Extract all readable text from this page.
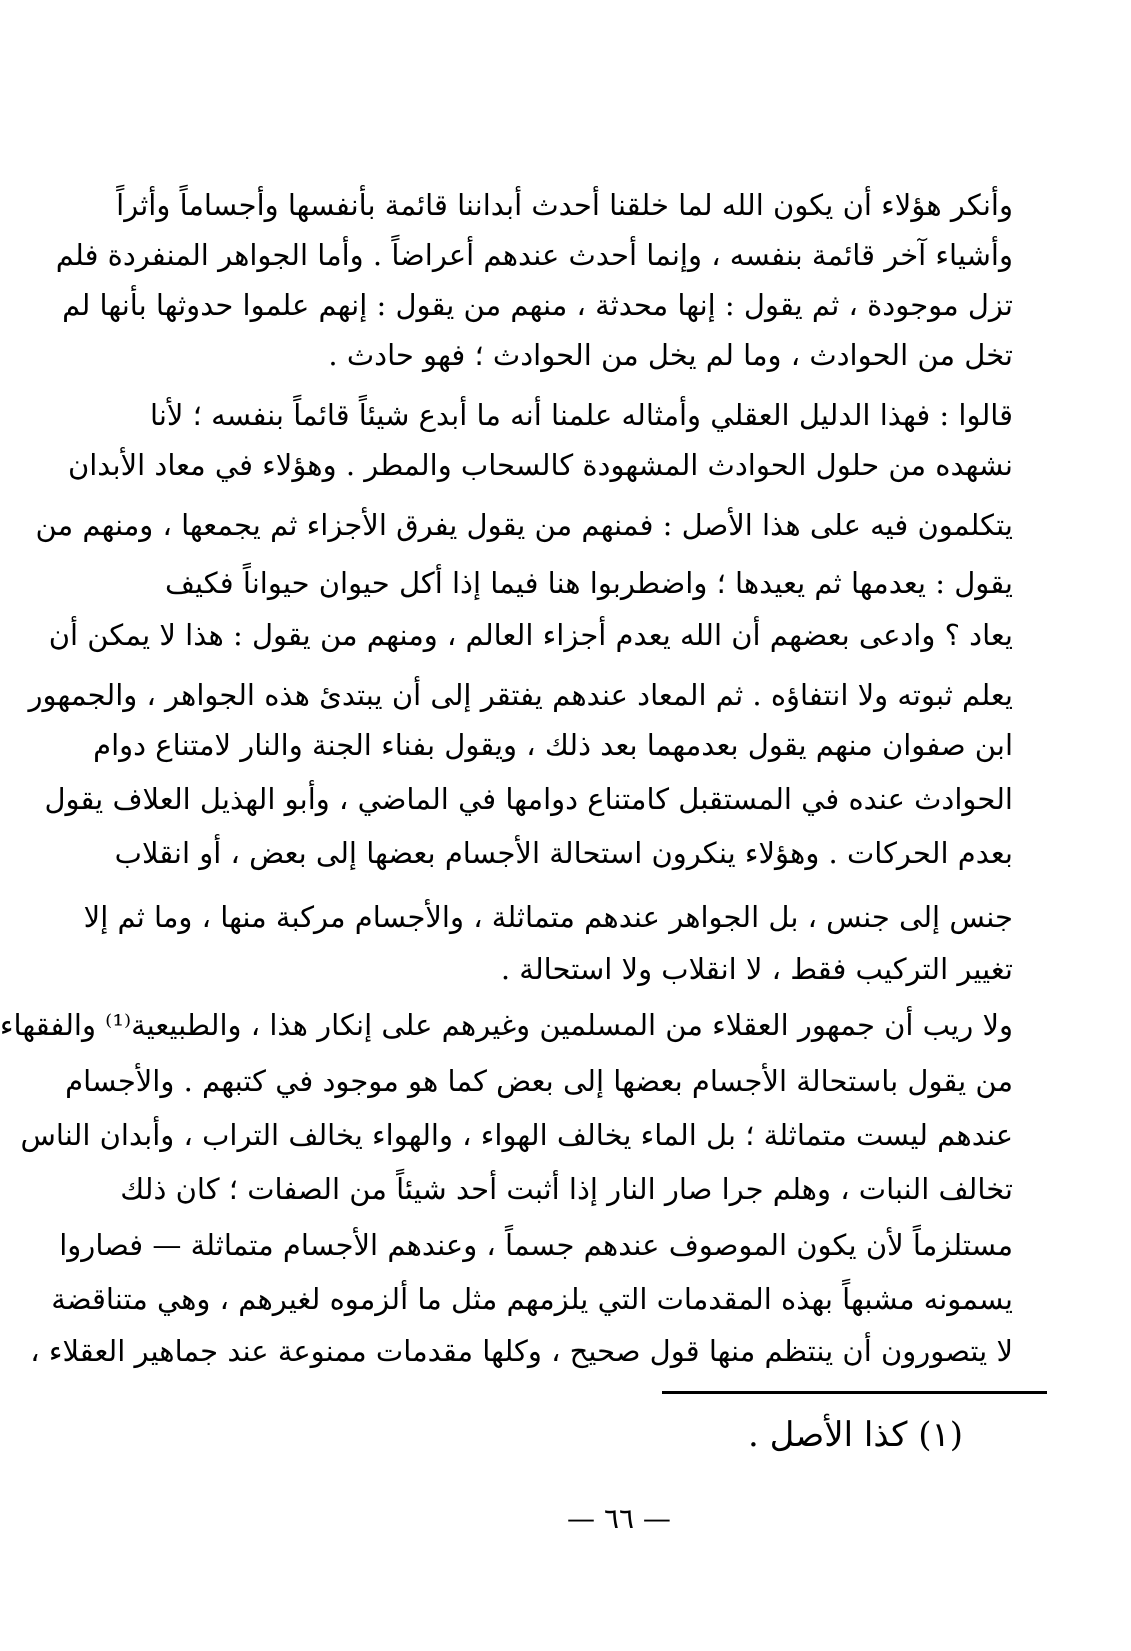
وأنكر هؤلاء أن يكون الله لما خلقنا أحدث أبداننا قائمة بأنفسها وأجساماً وأثراً
وأشياء آخر قائمة بنفسه ، وإنما أحدث عندهم أعراضاً . وأما الجواهر المنفردة فلم
تزل موجودة ، ثم يقول : إنها محدثة ، منهم من يقول : إنهم علموا حدوثها بأنها لم
تخل من الحوادث ، وما لم يخل من الحوادث ؛ فهو حادث .
قالوا : فهذا الدليل العقلي وأمثاله علمنا أنه ما أبدع شيئاً قائماً بنفسه ؛ لأنا
نشهده من حلول الحوادث المشهودة كالسحاب والمطر . وهؤلاء في معاد الأبدان
يتكلمون فيه على هذا الأصل : فمنهم من يقول يفرق الأجزاء ثم يجمعها ، ومنهم من
يقول : يعدمها ثم يعيدها ؛ واضطربوا هنا فيما إذا أكل حيوان حيواناً فكيف
يعاد ؟ وادعى بعضهم أن الله يعدم أجزاء العالم ، ومنهم من يقول : هذا لا يمكن أن
يعلم ثبوته ولا انتفاؤه . ثم المعاد عندهم يفتقر إلى أن يبتدئ هذه الجواهر ، والجمهور
ابن صفوان منهم يقول بعدمهما بعد ذلك ، ويقول بفناء الجنة والنار لامتناع دوام
الحوادث عنده في المستقبل كامتناع دوامها في الماضي ، وأبو الهذيل العلاف يقول
بعدم الحركات . وهؤلاء ينكرون استحالة الأجسام بعضها إلى بعض ، أو انقلاب
جنس إلى جنس ، بل الجواهر عندهم متماثلة ، والأجسام مركبة منها ، وما ثم إلا
تغيير التركيب فقط ، لا انقلاب ولا استحالة .
ولا ريب أن جمهور العقلاء من المسلمين وغيرهم على إنكار هذا ، والطبيعية⁽¹⁾ والفقهاء
من يقول باستحالة الأجسام بعضها إلى بعض كما هو موجود في كتبهم . والأجسام
عندهم ليست متماثلة ؛ بل الماء يخالف الهواء ، والهواء يخالف التراب ، وأبدان الناس
تخالف النبات ، وهلم جرا صار النار إذا أثبت أحد شيئاً من الصفات ؛ كان ذلك
مستلزماً لأن يكون الموصوف عندهم جسماً ، وعندهم الأجسام متماثلة — فصاروا
يسمونه مشبهاً بهذه المقدمات التي يلزمهم مثل ما ألزموه لغيرهم ، وهي متناقضة
لا يتصورون أن ينتظم منها قول صحيح ، وكلها مقدمات ممنوعة عند جماهير العقلاء ،
(١) كذا الأصل .
— ٦٦ —
